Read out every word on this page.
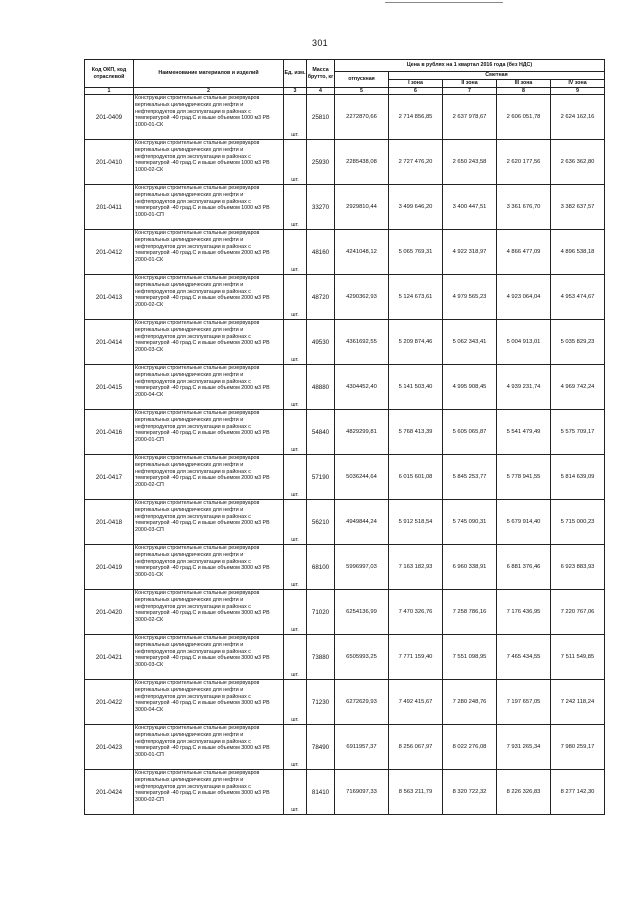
301
Код ОКП, код отраслевой	Наименование материалов и изделий	Ед. изм.	Масса брутто, кг	Цена в рублях на 1 квартал 2016 года (без НДС)				
				отпускная	Сметная			
					I зона	II зона	III зона	IV зона
1	2	3	4	5	6	7	8	9
201-0409	Конструкции строительные стальные резервуаров вертикальных цилиндрических для нефти и нефтепродуктов для эксплуатации в районах с температурой -40 град.С и выше объемом 1000 м3 РВ 1000-01-СК	шт.	25810	2272870,66	2 714 856,85	2 637 978,67	2 606 051,78	2 624 162,16
201-0410	Конструкции строительные стальные резервуаров вертикальных цилиндрических для нефти и нефтепродуктов для эксплуатации в районах с температурой -40 град.С и выше объемом 1000 м3 РВ 1000-02-СК	шт.	25930	2285438,08	2 727 476,20	2 650 243,58	2 620 177,56	2 636 362,80
201-0411	Конструкции строительные стальные резервуаров вертикальных цилиндрических для нефти и нефтепродуктов для эксплуатации в районах с температурой -40 град.С и выше объемом 1000 м3 РВ 1000-01-СП	шт.	33270	2929810,44	3 499 646,20	3 400 447,51	3 361 676,70	3 382 637,57
201-0412	Конструкции строительные стальные резервуаров вертикальных цилиндрических для нефти и нефтепродуктов для эксплуатации в районах с температурой -40 град.С и выше объемом 2000 м3 РВ 2000-01-СК	шт.	48160	4241048,12	5 065 769,31	4 922 318,97	4 866 477,09	4 896 538,18
201-0413	Конструкции строительные стальные резервуаров вертикальных цилиндрических для нефти и нефтепродуктов для эксплуатации в районах с температурой -40 град.С и выше объемом 2000 м3 РВ 2000-02-СК	шт.	48720	4290362,93	5 124 673,61	4 979 565,23	4 923 064,04	4 953 474,67
201-0414	Конструкции строительные стальные резервуаров вертикальных цилиндрических для нефти и нефтепродуктов для эксплуатации в районах с температурой -40 град.С и выше объемом 2000 м3 РВ 2000-03-СК	шт.	49530	4361692,55	5 209 874,46	5 062 343,41	5 004 913,01	5 035 829,23
201-0415	Конструкции строительные стальные резервуаров вертикальных цилиндрических для нефти и нефтепродуктов для эксплуатации в районах с температурой -40 град.С и выше объемом 2000 м3 РВ 2000-04-СК	шт.	48880	4304452,40	5 141 503,40	4 995 908,45	4 939 231,74	4 969 742,24
201-0416	Конструкции строительные стальные резервуаров вертикальных цилиндрических для нефти и нефтепродуктов для эксплуатации в районах с температурой -40 град.С и выше объемом 2000 м3 РВ 2000-01-СП	шт.	54840	4829299,81	5 768 413,39	5 605 065,87	5 541 479,49	5 575 709,17
201-0417	Конструкции строительные стальные резервуаров вертикальных цилиндрических для нефти и нефтепродуктов для эксплуатации в районах с температурой -40 град.С и выше объемом 2000 м3 РВ 2000-02-СП	шт.	57190	5036244,64	6 015 601,08	5 845 253,77	5 778 941,55	5 814 639,09
201-0418	Конструкции строительные стальные резервуаров вертикальных цилиндрических для нефти и нефтепродуктов для эксплуатации в районах с температурой -40 град.С и выше объемом 2000 м3 РВ 2000-03-СП	шт.	56210	4949844,24	5 912 518,54	5 745 090,31	5 679 914,40	5 715 000,23
201-0419	Конструкции строительные стальные резервуаров вертикальных цилиндрических для нефти и нефтепродуктов для эксплуатации в районах с температурой -40 град.С и выше объемом 3000 м3 РВ 3000-01-СК	шт.	68100	5996997,03	7 163 182,93	6 960 338,91	6 881 376,46	6 923 883,93
201-0420	Конструкции строительные стальные резервуаров вертикальных цилиндрических для нефти и нефтепродуктов для эксплуатации в районах с температурой -40 град.С и выше объемом 3000 м3 РВ 3000-02-СК	шт.	71020	6254136,99	7 470 326,76	7 258 786,16	7 176 436,95	7 220 767,06
201-0421	Конструкции строительные стальные резервуаров вертикальных цилиндрических для нефти и нефтепродуктов для эксплуатации в районах с температурой -40 град.С и выше объемом 3000 м3 РВ 3000-03-СК	шт.	73880	6505993,25	7 771 159,40	7 551 098,95	7 465 434,55	7 511 549,85
201-0422	Конструкции строительные стальные резервуаров вертикальных цилиндрических для нефти и нефтепродуктов для эксплуатации в районах с температурой -40 град.С и выше объемом 3000 м3 РВ 3000-04-СК	шт.	71230	6272629,93	7 492 415,67	7 280 248,76	7 197 657,05	7 242 118,24
201-0423	Конструкции строительные стальные резервуаров вертикальных цилиндрических для нефти и нефтепродуктов для эксплуатации в районах с температурой -40 град.С и выше объемом 3000 м3 РВ 3000-01-СП	шт.	78490	6911957,37	8 256 067,97	8 022 276,08	7 931 265,34	7 980 259,17
201-0424	Конструкции строительные стальные резервуаров вертикальных цилиндрических для нефти и нефтепродуктов для эксплуатации в районах с температурой -40 град.С и выше объемом 3000 м3 РВ 3000-02-СП	шт.	81410	7169097,33	8 563 211,79	8 320 722,32	8 226 326,83	8 277 142,30
